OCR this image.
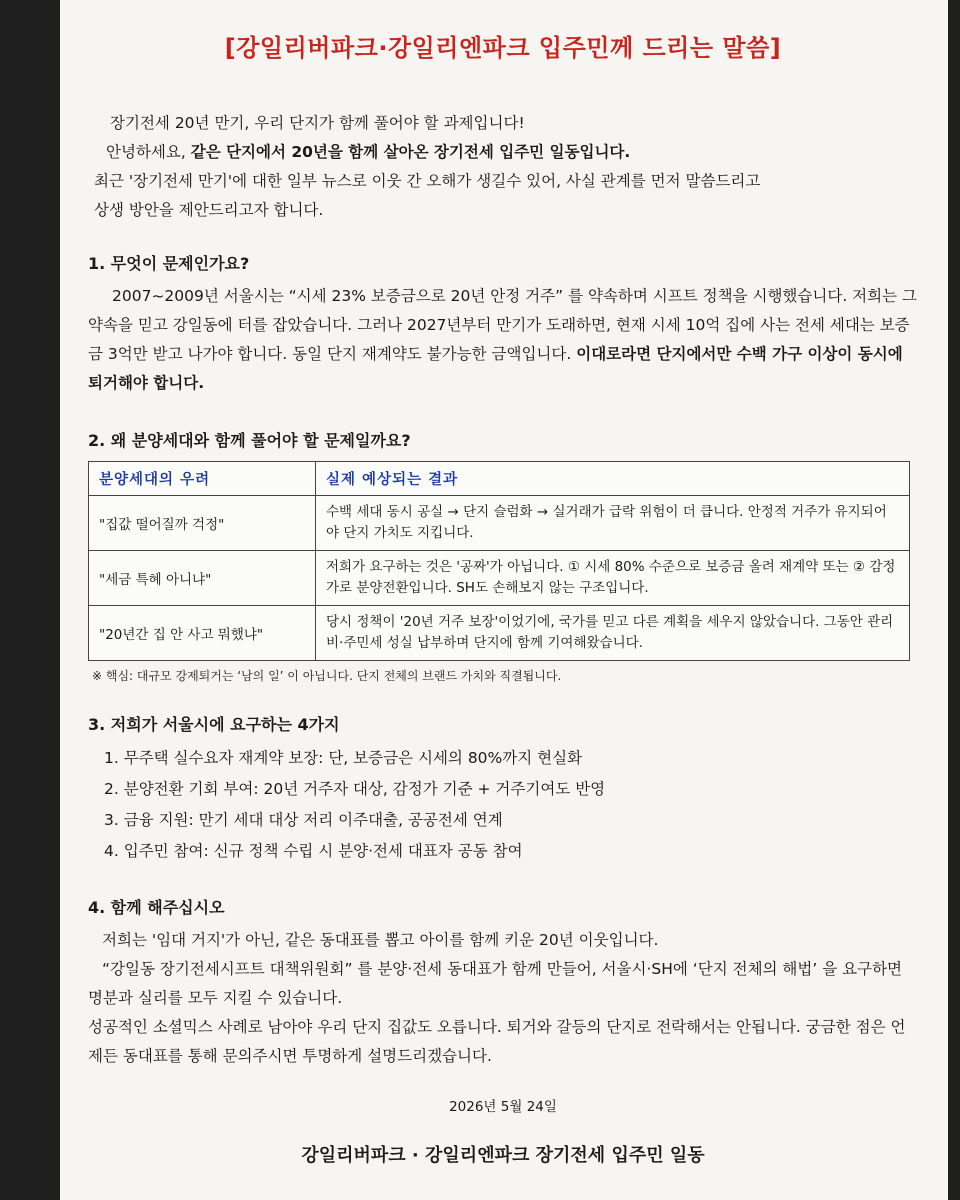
[강일리버파크·강일리엔파크 입주민께 드리는 말씀]

장기전세 20년 만기, 우리 단지가 함께 풀어야 할 과제입니다!

안녕하세요, 같은 단지에서 20년을 함께 살아온 장기전세 입주민 일동입니다.

최근 '장기전세 만기'에 대한 일부 뉴스로 이웃 간 오해가 생길수 있어, 사실 관계를 먼저 말씀드리고

상생 방안을 제안드리고자 합니다.

1. 무엇이 문제인가요?

2007~2009년 서울시는 “시세 23% 보증금으로 20년 안정 거주” 를 약속하며 시프트 정책을 시행했습니다. 저희는 그 약속을 믿고 강일동에 터를 잡았습니다. 그러나 2027년부터 만기가 도래하면, 현재 시세 10억 집에 사는 전세 세대는 보증금 3억만 받고 나가야 합니다. 동일 단지 재계약도 불가능한 금액입니다. 이대로라면 단지에서만 수백 가구 이상이 동시에 퇴거해야 합니다.

2. 왜 분양세대와 함께 풀어야 할 문제일까요?
분양세대의 우려	실제 예상되는 결과
"집값 떨어질까 걱정"	수백 세대 동시 공실 → 단지 슬럼화 → 실거래가 급락 위험이 더 큽니다. 안정적 거주가 유지되어야 단지 가치도 지킵니다.
"세금 특혜 아니냐"	저희가 요구하는 것은 '공짜'가 아닙니다. ① 시세 80% 수준으로 보증금 올려 재계약 또는 ② 감정가로 분양전환입니다. SH도 손해보지 않는 구조입니다.
"20년간 집 안 사고 뭐했냐"	당시 정책이 '20년 거주 보장'이었기에, 국가를 믿고 다른 계획을 세우지 않았습니다. 그동안 관리비·주민세 성실 납부하며 단지에 함께 기여해왔습니다.
※ 핵심: 대규모 강제퇴거는 ‘남의 일’ 이 아닙니다. 단지 전체의 브랜드 가치와 직결됩니다.
3. 저희가 서울시에 요구하는 4가지
1. 무주택 실수요자 재계약 보장: 단, 보증금은 시세의 80%까지 현실화
2. 분양전환 기회 부여: 20년 거주자 대상, 감정가 기준 + 거주기여도 반영
3. 금융 지원: 만기 세대 대상 저리 이주대출, 공공전세 연계
4. 입주민 참여: 신규 정책 수립 시 분양·전세 대표자 공동 참여
4. 함께 해주십시오

저희는 '임대 거지'가 아닌, 같은 동대표를 뽑고 아이를 함께 키운 20년 이웃입니다.

“강일동 장기전세시프트 대책위원회” 를 분양·전세 동대표가 함께 만들어, 서울시·SH에 ‘단지 전체의 해법’ 을 요구하면 명분과 실리를 모두 지킬 수 있습니다.

성공적인 소셜믹스 사례로 남아야 우리 단지 집값도 오릅니다. 퇴거와 갈등의 단지로 전락해서는 안됩니다. 궁금한 점은 언제든 동대표를 통해 문의주시면 투명하게 설명드리겠습니다.

2026년 5월 24일
강일리버파크 · 강일리엔파크 장기전세 입주민 일동
